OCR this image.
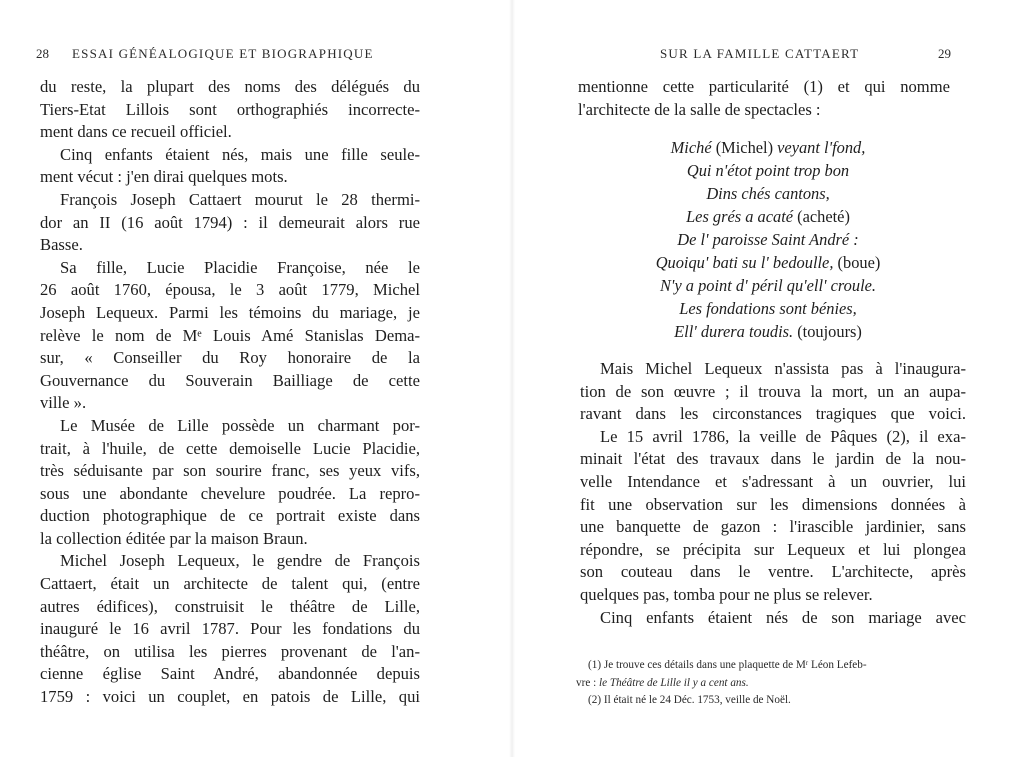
28 ESSAI GÉNÉALOGIQUE ET BIOGRAPHIQUE
du reste, la plupart des noms des délégués du
Tiers-Etat Lillois sont orthographiés incorrecte-
ment dans ce recueil officiel.
Cinq enfants étaient nés, mais une fille seule-
ment vécut : j'en dirai quelques mots.
François Joseph Cattaert mourut le 28 thermi-
dor an II (16 août 1794) : il demeurait alors rue
Basse.
Sa fille, Lucie Placidie Françoise, née le
26 août 1760, épousa, le 3 août 1779, Michel
Joseph Lequeux. Parmi les témoins du mariage, je
relève le nom de Mᵉ Louis Amé Stanislas Dema-
sur, « Conseiller du Roy honoraire de la
Gouvernance du Souverain Bailliage de cette
ville ».
Le Musée de Lille possède un charmant por-
trait, à l'huile, de cette demoiselle Lucie Placidie,
très séduisante par son sourire franc, ses yeux vifs,
sous une abondante chevelure poudrée. La repro-
duction photographique de ce portrait existe dans
la collection éditée par la maison Braun.
Michel Joseph Lequeux, le gendre de François
Cattaert, était un architecte de talent qui, (entre
autres édifices), construisit le théâtre de Lille,
inauguré le 16 avril 1787. Pour les fondations du
théâtre, on utilisa les pierres provenant de l'an-
cienne église Saint André, abandonnée depuis
1759 : voici un couplet, en patois de Lille, qui
SUR LA FAMILLE CATTAERT	29
mentionne cette particularité (1) et qui nomme
l'architecte de la salle de spectacles :
Miché (Michel) veyant l'fond,
Qui n'étot point trop bon
Dins chés cantons,
Les grés a acaté (acheté)
De l' paroisse Saint André :
Quoiqu' bati su l' bedoulle, (boue)
N'y a point d' péril qu'ell' croule.
Les fondations sont bénies,
Ell' durera toudis. (toujours)
Mais Michel Lequeux n'assista pas à l'inaugura-
tion de son œuvre ; il trouva la mort, un an aupa-
ravant dans les circonstances tragiques que voici.
Le 15 avril 1786, la veille de Pâques (2), il exa-
minait l'état des travaux dans le jardin de la nou-
velle Intendance et s'adressant à un ouvrier, lui
fit une observation sur les dimensions données à
une banquette de gazon : l'irascible jardinier, sans
répondre, se précipita sur Lequeux et lui plongea
son couteau dans le ventre. L'architecte, après
quelques pas, tomba pour ne plus se relever.
Cinq enfants étaient nés de son mariage avec
(1) Je trouve ces détails dans une plaquette de Mʳ Léon Lefeb-
vre : le Théâtre de Lille il y a cent ans.
(2) Il était né le 24 Déc. 1753, veille de Noël.
